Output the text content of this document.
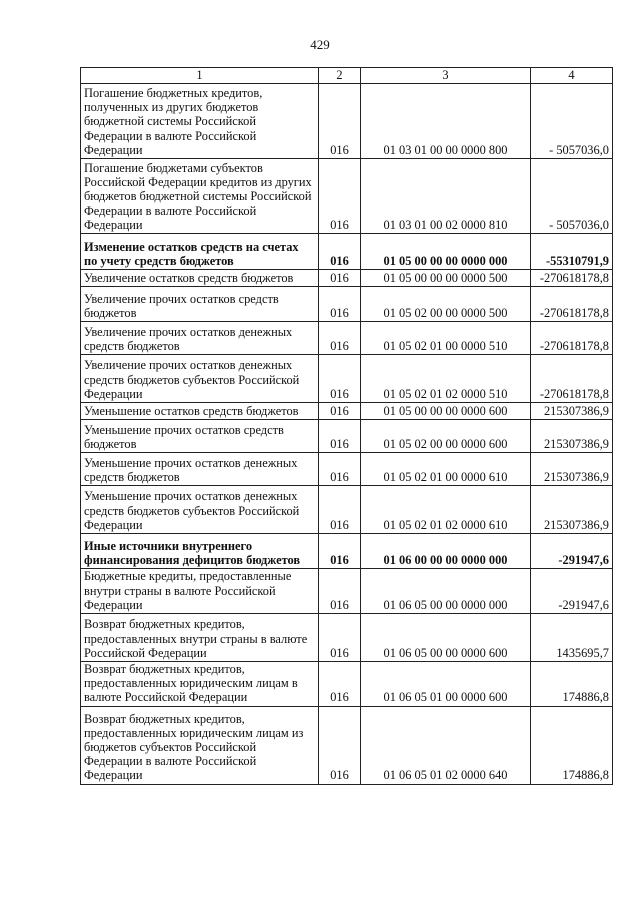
429
1	2	3	4
Погашение бюджетных кредитов, полученных из других бюджетов бюджетной системы Российской Федерации в валюте Российской Федерации	016	01 03 01 00 00 0000 800	- 5057036,0
Погашение бюджетами субъектов Российской Федерации кредитов из других бюджетов бюджетной системы Российской Федерации в валюте Российской Федерации	016	01 03 01 00 02 0000 810	- 5057036,0
Изменение остатков средств на счетах по учету средств бюджетов	016	01 05 00 00 00 0000 000	-55310791,9
Увеличение остатков средств бюджетов	016	01 05 00 00 00 0000 500	-270618178,8
Увеличение прочих остатков средств бюджетов	016	01 05 02 00 00 0000 500	-270618178,8
Увеличение прочих остатков денежных средств бюджетов	016	01 05 02 01 00 0000 510	-270618178,8
Увеличение прочих остатков денежных средств бюджетов субъектов Российской Федерации	016	01 05 02 01 02 0000 510	-270618178,8
Уменьшение остатков средств бюджетов	016	01 05 00 00 00 0000 600	215307386,9
Уменьшение прочих остатков средств бюджетов	016	01 05 02 00 00 0000 600	215307386,9
Уменьшение прочих остатков денежных средств бюджетов	016	01 05 02 01 00 0000 610	215307386,9
Уменьшение прочих остатков денежных средств бюджетов субъектов Российской Федерации	016	01 05 02 01 02 0000 610	215307386,9
Иные источники внутреннего финансирования дефицитов бюджетов	016	01 06 00 00 00 0000 000	-291947,6
Бюджетные кредиты, предоставленные внутри страны в валюте Российской Федерации	016	01 06 05 00 00 0000 000	-291947,6
Возврат бюджетных кредитов, предоставленных внутри страны в валюте Российской Федерации	016	01 06 05 00 00 0000 600	1435695,7
Возврат бюджетных кредитов, предоставленных юридическим лицам в валюте Российской Федерации	016	01 06 05 01 00 0000 600	174886,8
Возврат бюджетных кредитов, предоставленных юридическим лицам из бюджетов субъектов Российской Федерации в валюте Российской Федерации	016	01 06 05 01 02 0000 640	174886,8
